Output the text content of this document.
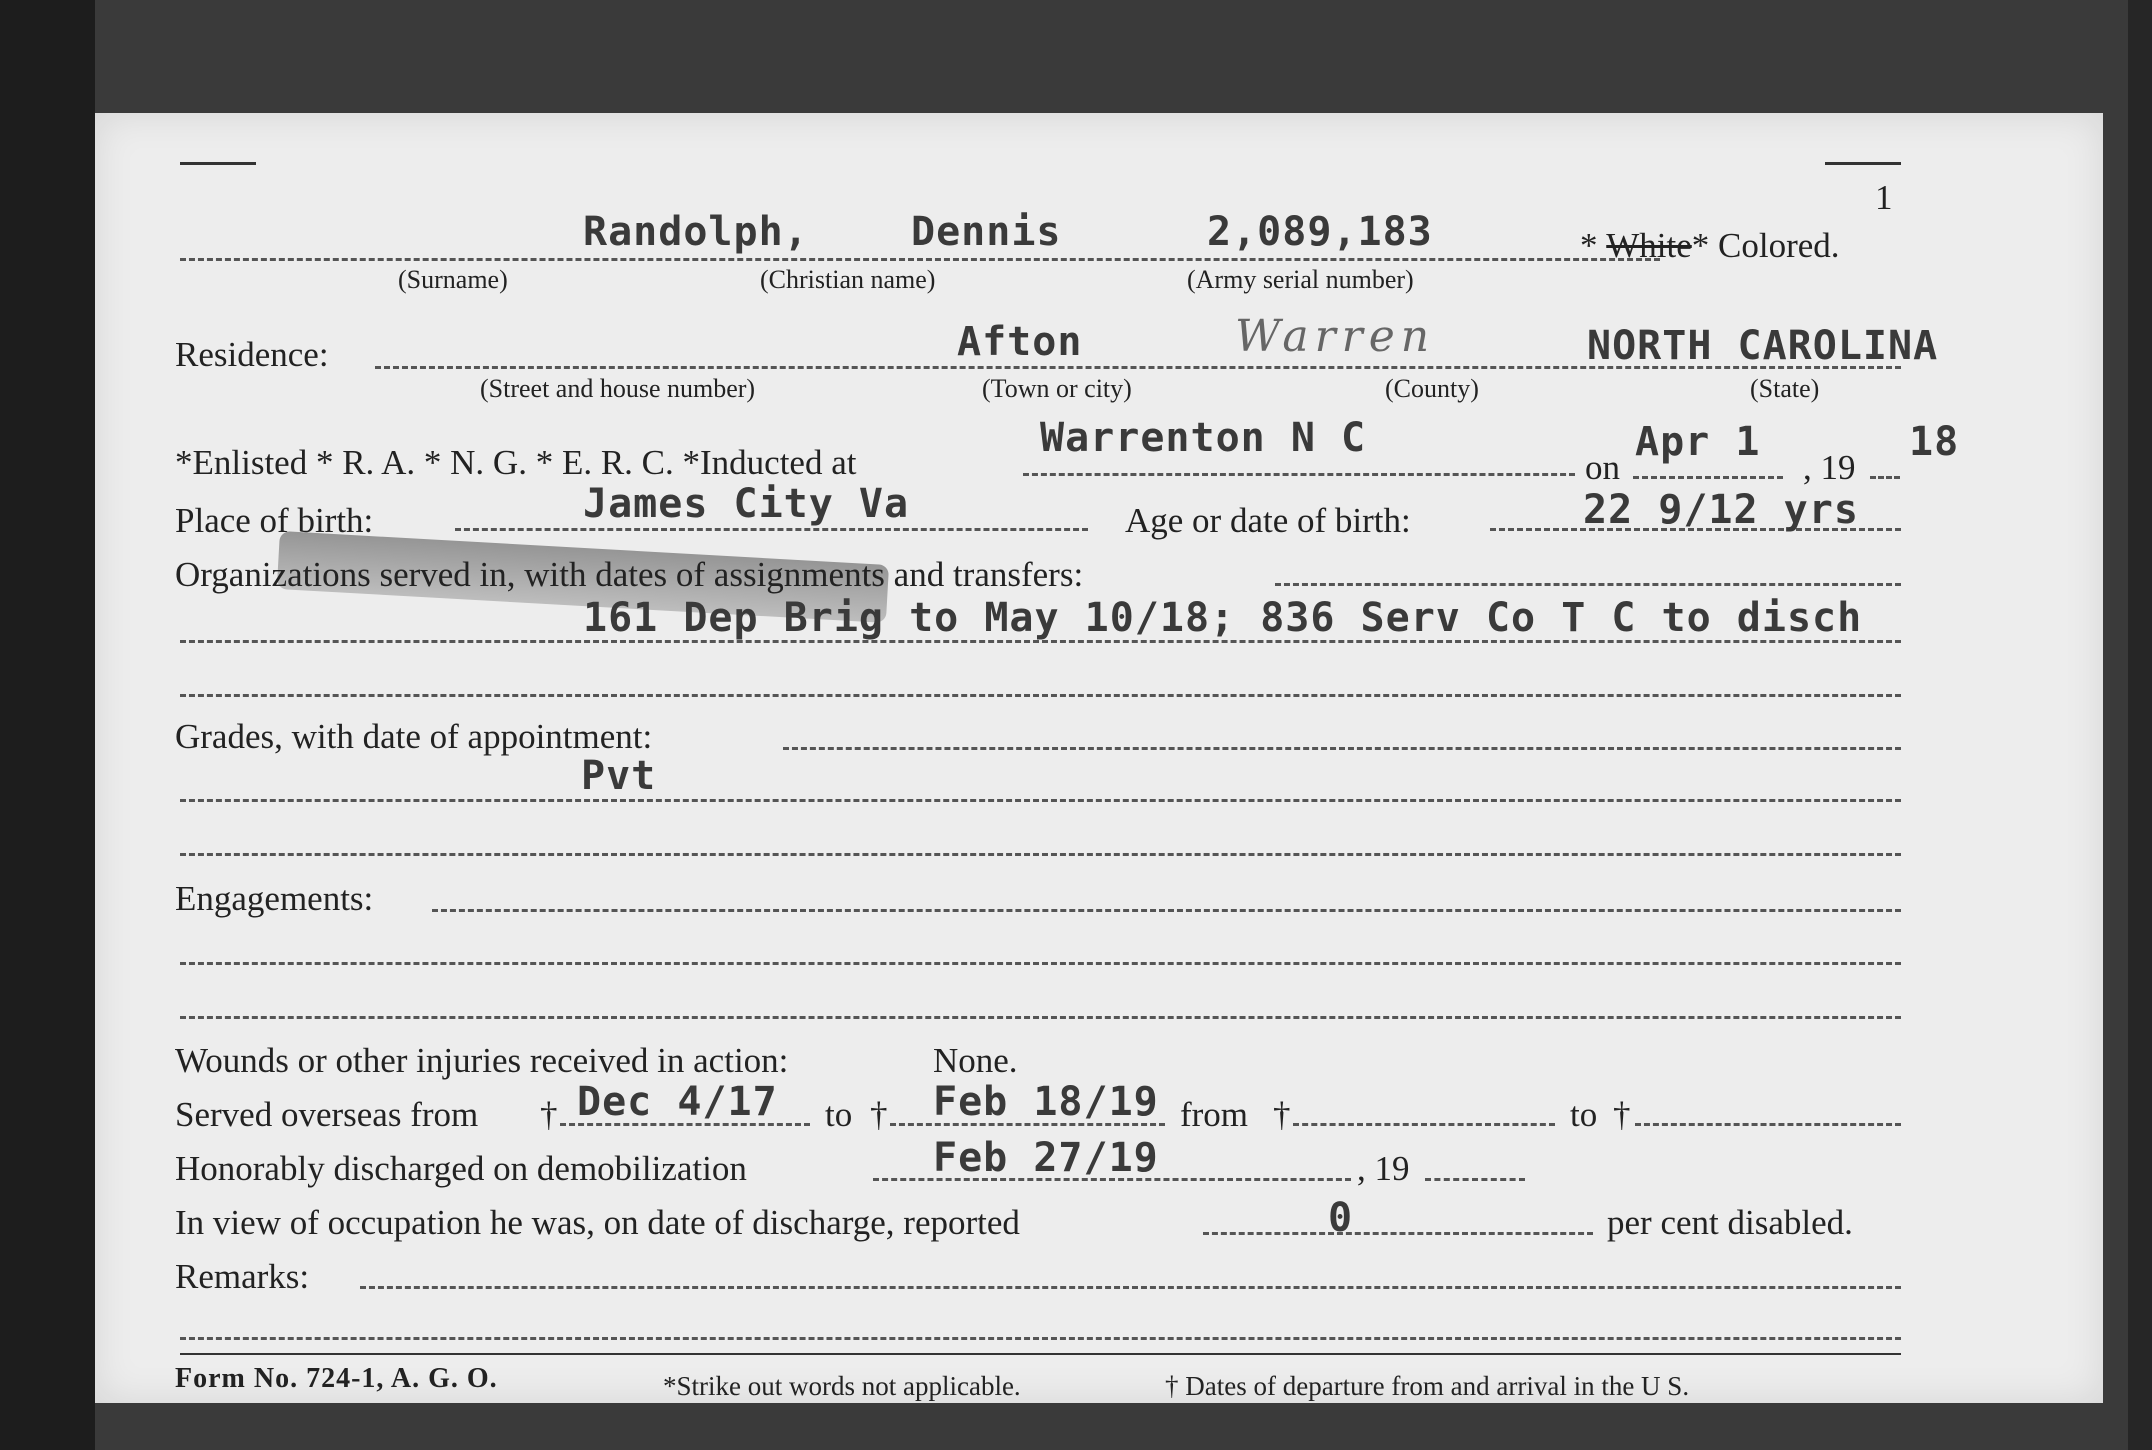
1
Randolph,	Dennis	2,089,183	* White* Colored.
(Surname)	(Christian name)	(Army serial number)
Residence:	Afton	Warren	NORTH CAROLINA
(Street and house number)	(Town or city)	(County)	(State)
*Enlisted * R. A. * N. G. * E. R. C. *Inducted at
Warrenton N C
on
Apr 1
, 19
18
Place of birth:	James City Va	Age or date of birth:	22 9/12 yrs
Organizations served in, with dates of assignments and transfers:
161 Dep Brig to May 10/18; 836 Serv Co T C to disch
Grades, with date of appointment:
Pvt
Engagements:
Wounds or other injuries received in action:	None.
Served overseas from † Dec 4/17 to † Feb 18/19 from †	to †
Honorably discharged on demobilization	Feb 27/19	, 19
In view of occupation he was, on date of discharge, reported	0	per cent disabled.
Remarks:
Form No. 724-1, A. G. O.	*Strike out words not applicable.	† Dates of departure from and arrival in the U S.
